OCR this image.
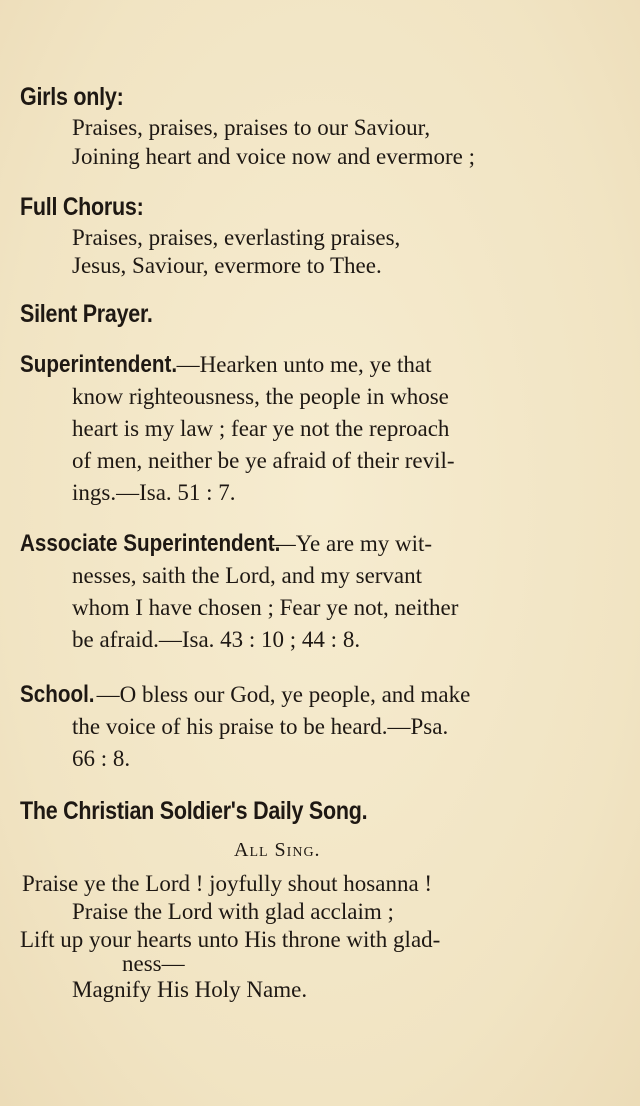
Girls only:
Praises, praises, praises to our Saviour,
Joining heart and voice now and evermore ;
Full Chorus:
Praises, praises, everlasting praises,
Jesus, Saviour, evermore to Thee.
Silent Prayer.
Superintendent.—Hearken unto me, ye that
know righteousness, the people in whose
heart is my law ; fear ye not the reproach
of men, neither be ye afraid of their revil-
ings.—Isa. 51 : 7.
Associate Superintendent.—Ye are my wit-
nesses, saith the Lord, and my servant
whom I have chosen ; Fear ye not, neither
be afraid.—Isa. 43 : 10 ; 44 : 8.
School.—O bless our God, ye people, and make
the voice of his praise to be heard.—Psa.
66 : 8.
The Christian Soldier's Daily Song.
All Sing.
Praise ye the Lord ! joyfully shout hosanna !
Praise the Lord with glad acclaim ;
Lift up your hearts unto His throne with glad-
ness—
Magnify His Holy Name.
